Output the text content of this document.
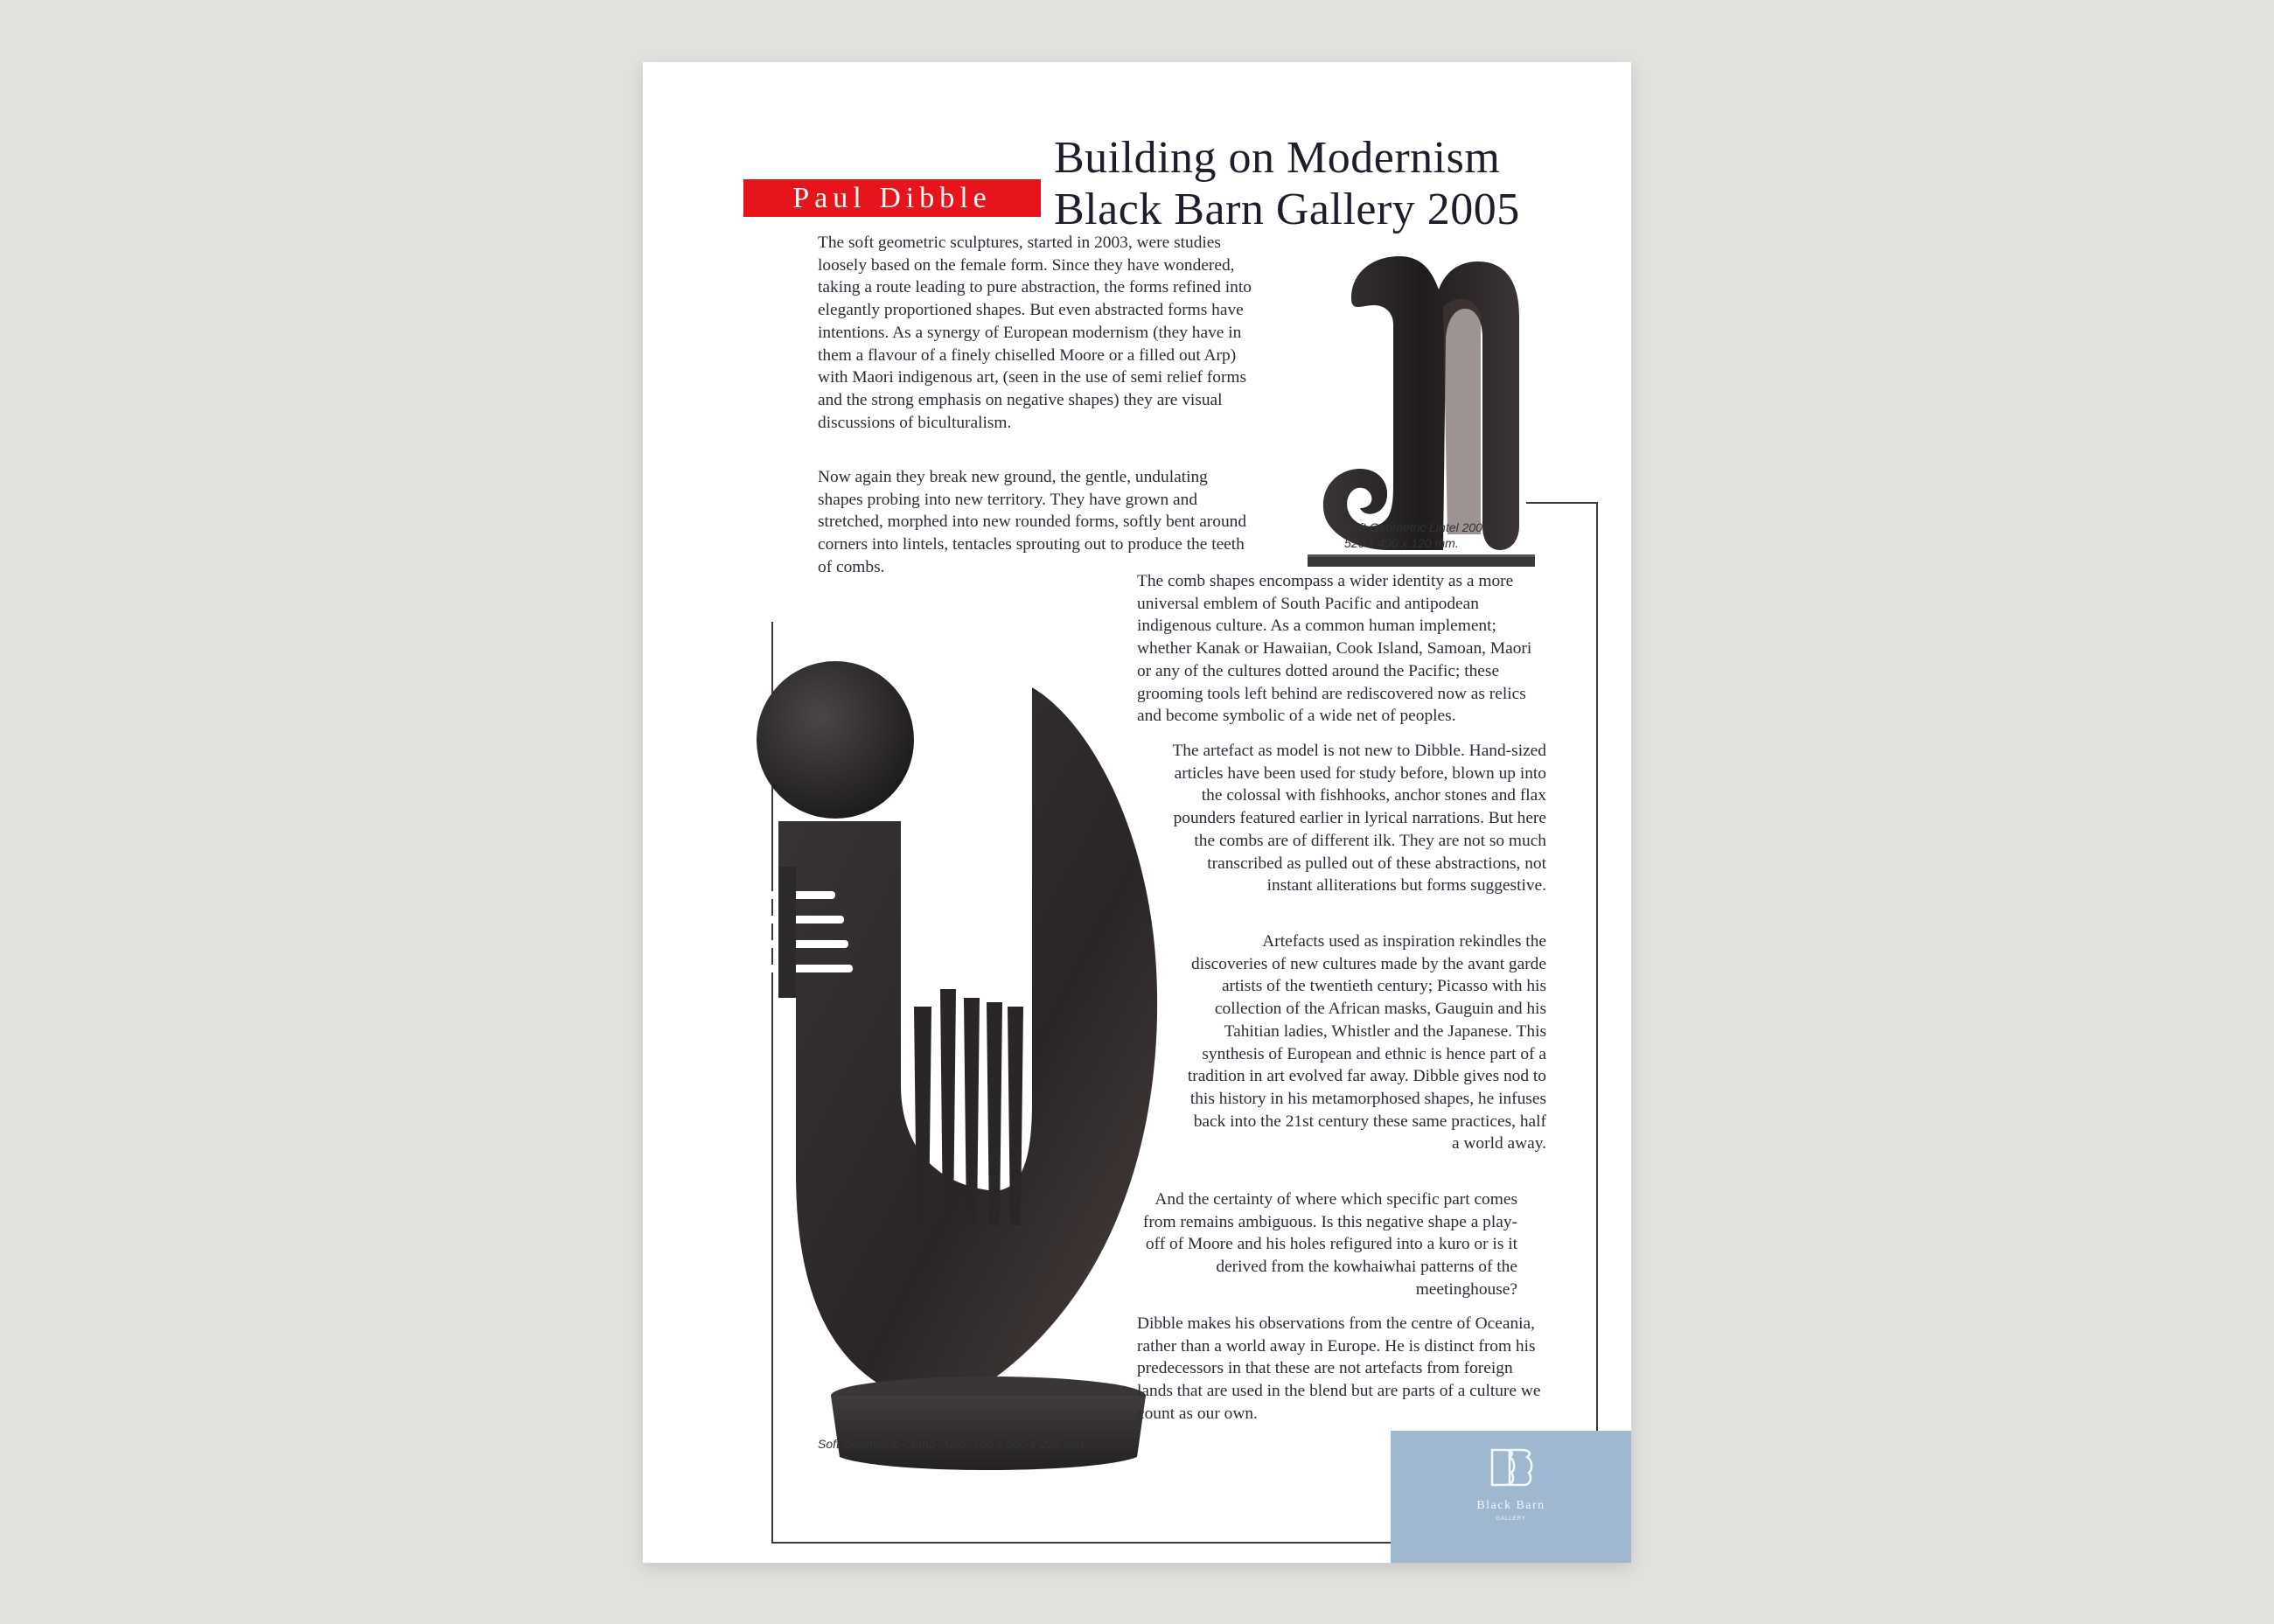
Building on Modernism
Black Barn Gallery 2005
Paul Dibble
Soft Geometric Lintel 2005,
520 x 490 x 120 mm.
Soft Geometric Comb 2005, 700 x 600 x 220 mm.

The soft geometric sculptures, started in 2003, were studies loosely based on the female form. Since they have wondered, taking a route leading to pure abstraction, the forms refined into elegantly proportioned shapes. But even abstracted forms have intentions. As a synergy of European modernism (they have in them a flavour of a finely chiselled Moore or a filled out Arp) with Maori indigenous art, (seen in the use of semi relief forms and the strong emphasis on negative shapes) they are visual discussions of biculturalism.

Now again they break new ground, the gentle, undulating shapes probing into new territory. They have grown and stretched, morphed into new rounded forms, softly bent around corners into lintels, tentacles sprouting out to produce the teeth of combs.

The comb shapes encompass a wider identity as a more universal emblem of South Pacific and antipodean indigenous culture. As a common human implement; whether Kanak or Hawaiian, Cook Island, Samoan, Maori or any of the cultures dotted around the Pacific; these grooming tools left behind are rediscovered now as relics and become symbolic of a wide net of peoples.

The artefact as model is not new to Dibble. Hand-sized articles have been used for study before, blown up into the colossal with fishhooks, anchor stones and flax pounders featured earlier in lyrical narrations. But here the combs are of different ilk. They are not so much transcribed as pulled out of these abstractions, not instant alliterations but forms suggestive.

Artefacts used as inspiration rekindles the discoveries of new cultures made by the avant garde artists of the twentieth century; Picasso with his collection of the African masks, Gauguin and his Tahitian ladies, Whistler and the Japanese. This synthesis of European and ethnic is hence part of a tradition in art evolved far away. Dibble gives nod to this history in his metamorphosed shapes, he infuses back into the 21st century these same practices, half a world away.

And the certainty of where which specific part comes from remains ambiguous. Is this negative shape a play-off of Moore and his holes refigured into a kuro or is it derived from the kowhaiwhai patterns of the meetinghouse?

Dibble makes his observations from the centre of Oceania, rather than a world away in Europe. He is distinct from his predecessors in that these are not artefacts from foreign lands that are used in the blend but are parts of a culture we count as our own.

Black Barn
GALLERY
